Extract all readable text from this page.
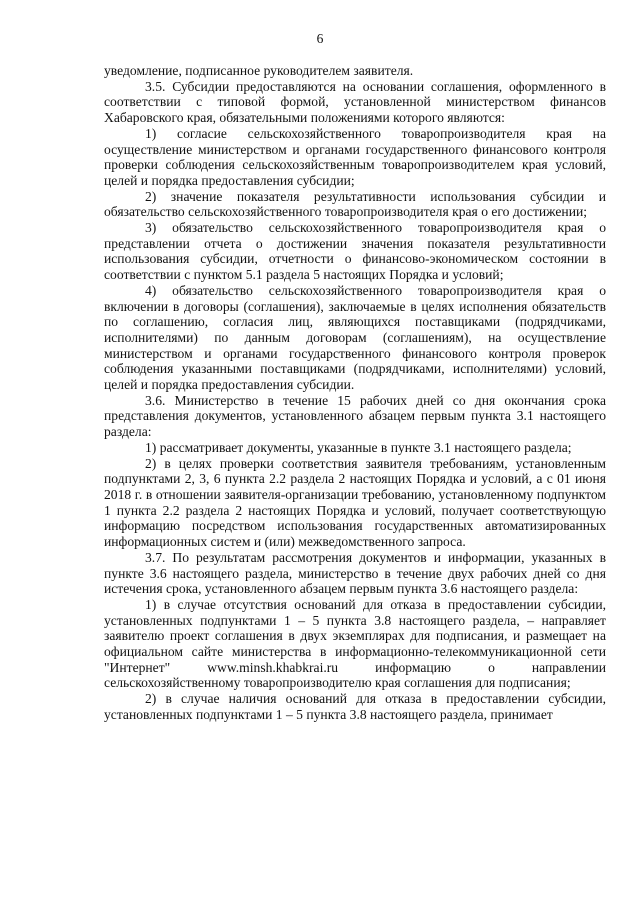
6

уведомление, подписанное руководителем заявителя.

3.5. Субсидии предоставляются на основании соглашения, оформленного в соответствии с типовой формой, установленной министерством финансов Хабаровского края, обязательными положениями которого являются:

1) согласие сельскохозяйственного товаропроизводителя края на осуществление министерством и органами государственного финансового контроля проверки соблюдения сельскохозяйственным товаропроизводителем края условий, целей и порядка предоставления субсидии;

2) значение показателя результативности использования субсидии и обязательство сельскохозяйственного товаропроизводителя края о его достижении;

3) обязательство сельскохозяйственного товаропроизводителя края о представлении отчета о достижении значения показателя результативности использования субсидии, отчетности о финансово-экономическом состоянии в соответствии с пунктом 5.1 раздела 5 настоящих Порядка и условий;

4) обязательство сельскохозяйственного товаропроизводителя края о включении в договоры (соглашения), заключаемые в целях исполнения обязательств по соглашению, согласия лиц, являющихся поставщиками (подрядчиками, исполнителями) по данным договорам (соглашениям), на осуществление министерством и органами государственного финансового контроля проверок соблюдения указанными поставщиками (подрядчиками, исполнителями) условий, целей и порядка предоставления субсидии.

3.6. Министерство в течение 15 рабочих дней со дня окончания срока представления документов, установленного абзацем первым пункта 3.1 настоящего раздела:

1) рассматривает документы, указанные в пункте 3.1 настоящего раздела;

2) в целях проверки соответствия заявителя требованиям, установленным подпунктами 2, 3, 6 пункта 2.2 раздела 2 настоящих Порядка и условий, а с 01 июня 2018 г. в отношении заявителя-организации требованию, установленному подпунктом 1 пункта 2.2 раздела 2 настоящих Порядка и условий, получает соответствующую информацию посредством использования государственных автоматизированных информационных систем и (или) межведомственного запроса.

3.7. По результатам рассмотрения документов и информации, указанных в пункте 3.6 настоящего раздела, министерство в течение двух рабочих дней со дня истечения срока, установленного абзацем первым пункта 3.6 настоящего раздела:

1) в случае отсутствия оснований для отказа в предоставлении субсидии, установленных подпунктами 1 – 5 пункта 3.8 настоящего раздела, – направляет заявителю проект соглашения в двух экземплярах для подписания, и размещает на официальном сайте министерства в информационно-телекоммуникационной сети "Интернет" www.minsh.khabkrai.ru информацию о направлении сельскохозяйственному товаропроизводителю края соглашения для подписания;

2) в случае наличия оснований для отказа в предоставлении субсидии, установленных подпунктами 1 – 5 пункта 3.8 настоящего раздела, принимает
